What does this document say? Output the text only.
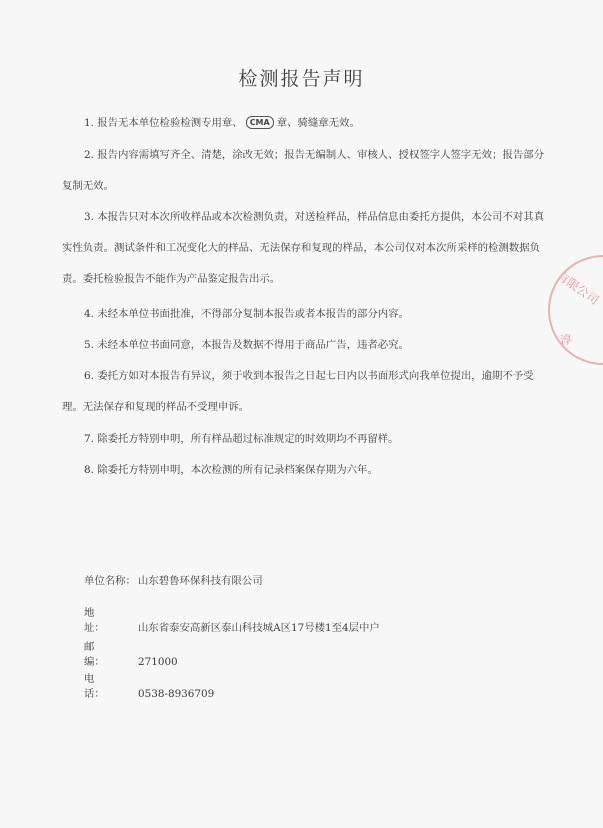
检测报告声明
1. 报告无本单位检验检测专用章、 CMA 章、骑缝章无效。
2. 报告内容需填写齐全、清楚，涂改无效；报告无编制人、审核人、授权签字人签字无效；报告部分复制无效。
3. 本报告只对本次所收样品或本次检测负责，对送检样品，样品信息由委托方提供，本公司不对其真实性负责。测试条件和工况变化大的样品、无法保存和复现的样品，本公司仅对本次所采样的检测数据负责。委托检验报告不能作为产品鉴定报告出示。
4. 未经本单位书面批准，不得部分复制本报告或者本报告的部分内容。
5. 未经本单位书面同意，本报告及数据不得用于商品广告，违者必究。
6. 委托方如对本报告有异议，须于收到本报告之日起七日内以书面形式向我单位提出，逾期不予受理。无法保存和复现的样品不受理申诉。
7. 除委托方特别申明，所有样品超过标准规定的时效期均不再留样。
8. 除委托方特别申明，本次检测的所有记录档案保存期为六年。
单位名称： 山东碧鲁环保科技有限公司
地址：	山东省泰安高新区泰山科技城A区17号楼1至4层中户
邮编：	271000
电话：	0538-8936709
有限公司
淳
